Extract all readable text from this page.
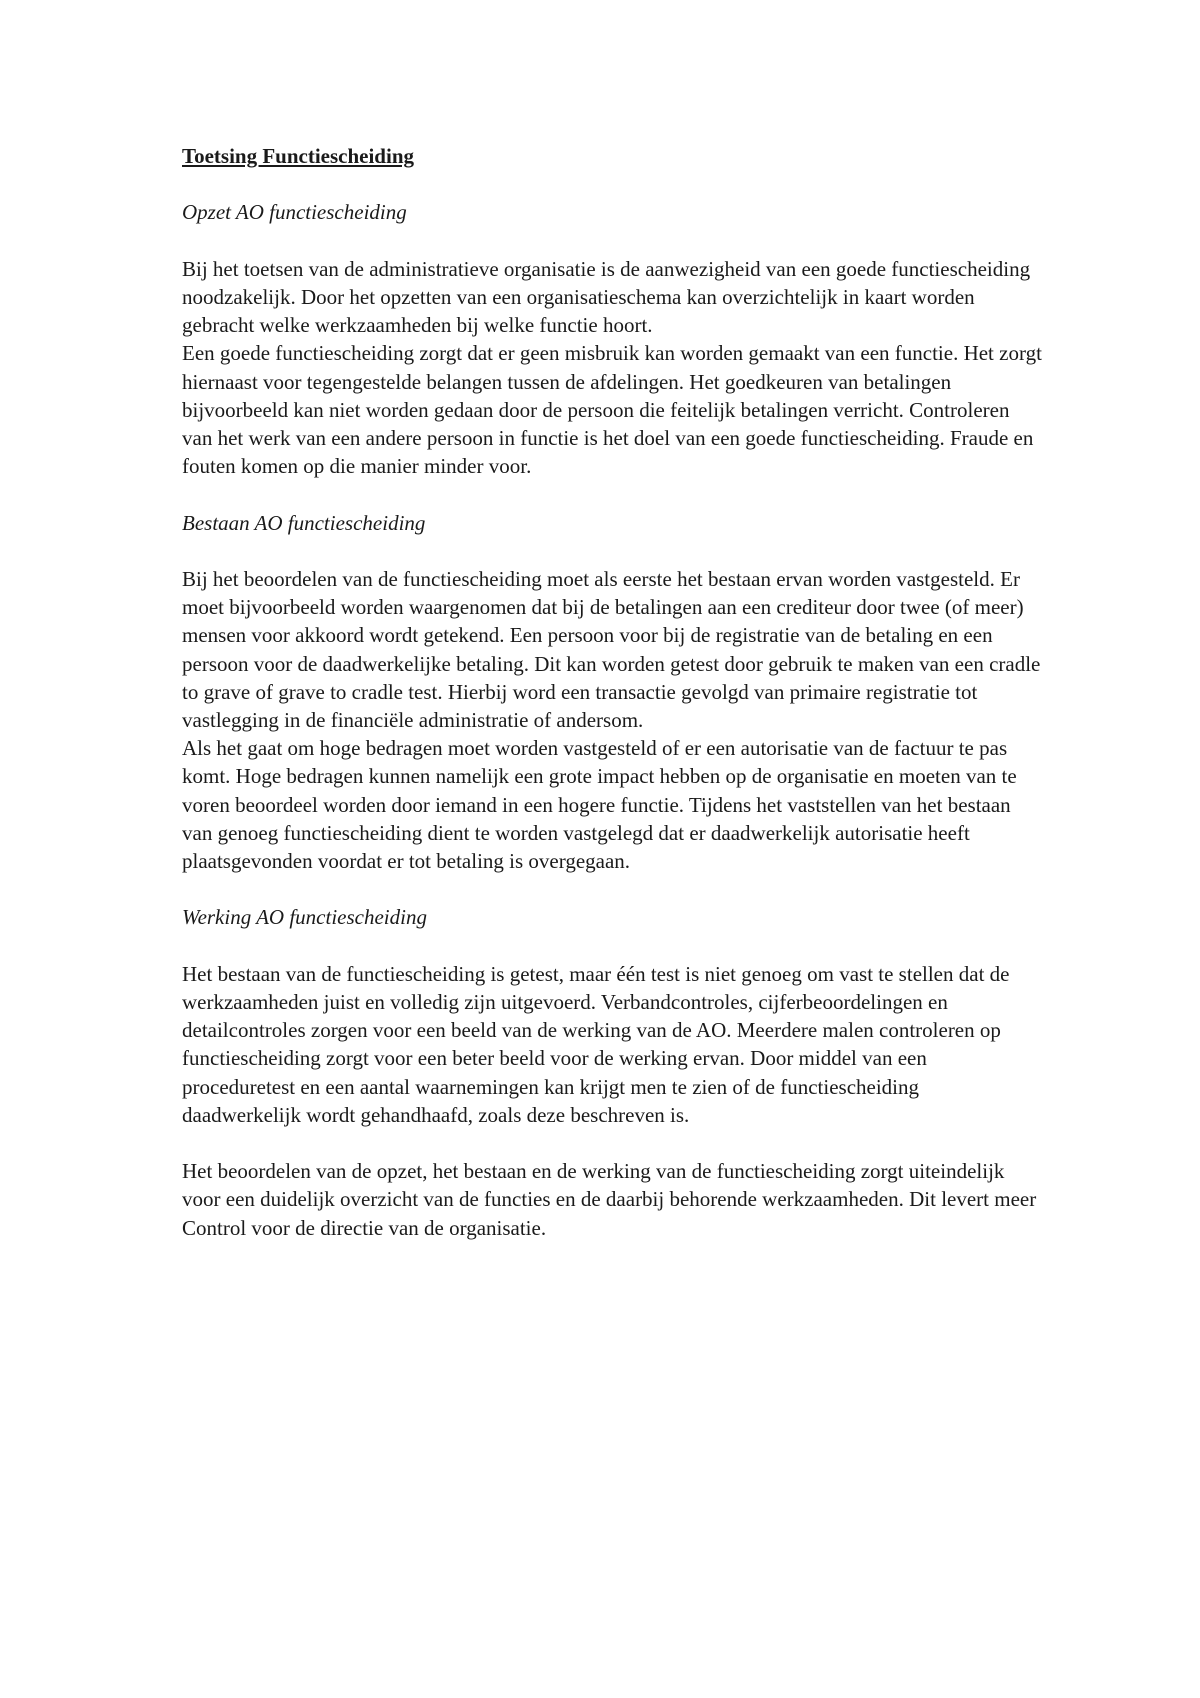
Toetsing Functiescheiding
Opzet AO functiescheiding

Bij het toetsen van de administratieve organisatie is de aanwezigheid van een goede functiescheiding noodzakelijk. Door het opzetten van een organisatieschema kan overzichtelijk in kaart worden gebracht welke werkzaamheden bij welke functie hoort.

Een goede functiescheiding zorgt dat er geen misbruik kan worden gemaakt van een functie. Het zorgt hiernaast voor tegengestelde belangen tussen de afdelingen. Het goedkeuren van betalingen bijvoorbeeld kan niet worden gedaan door de persoon die feitelijk betalingen verricht. Controleren van het werk van een andere persoon in functie is het doel van een goede functiescheiding. Fraude en fouten komen op die manier minder voor.

Bestaan AO functiescheiding

Bij het beoordelen van de functiescheiding moet als eerste het bestaan ervan worden vastgesteld. Er moet bijvoorbeeld worden waargenomen dat bij de betalingen aan een crediteur door twee (of meer) mensen voor akkoord wordt getekend. Een persoon voor bij de registratie van de betaling en een persoon voor de daadwerkelijke betaling. Dit kan worden getest door gebruik te maken van een cradle to grave of grave to cradle test. Hierbij word een transactie gevolgd van primaire registratie tot vastlegging in de financiële administratie of andersom.

Als het gaat om hoge bedragen moet worden vastgesteld of er een autorisatie van de factuur te pas komt. Hoge bedragen kunnen namelijk een grote impact hebben op de organisatie en moeten van te voren beoordeel worden door iemand in een hogere functie. Tijdens het vaststellen van het bestaan van genoeg functiescheiding dient te worden vastgelegd dat er daadwerkelijk autorisatie heeft plaatsgevonden voordat er tot betaling is overgegaan.

Werking AO functiescheiding

Het bestaan van de functiescheiding is getest, maar één test is niet genoeg om vast te stellen dat de werkzaamheden juist en volledig zijn uitgevoerd. Verbandcontroles, cijferbeoordelingen en detailcontroles zorgen voor een beeld van de werking van de AO. Meerdere malen controleren op functiescheiding zorgt voor een beter beeld voor de werking ervan. Door middel van een proceduretest en een aantal waarnemingen kan krijgt men te zien of de functiescheiding daadwerkelijk wordt gehandhaafd, zoals deze beschreven is.

Het beoordelen van de opzet, het bestaan en de werking van de functiescheiding zorgt uiteindelijk voor een duidelijk overzicht van de functies en de daarbij behorende werkzaamheden. Dit levert meer Control voor de directie van de organisatie.
